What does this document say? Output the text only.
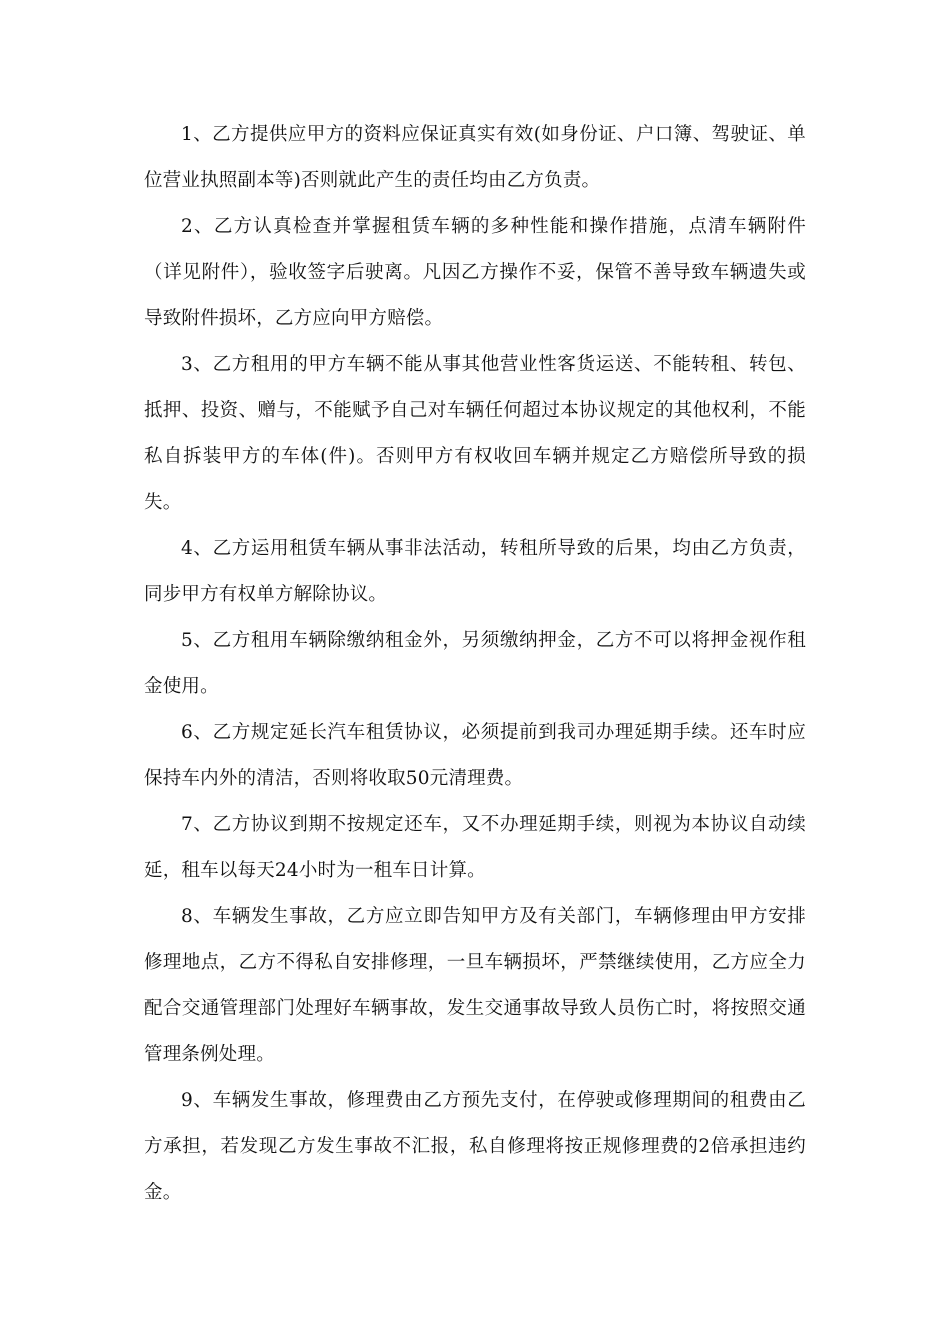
1、乙方提供应甲方的资料应保证真实有效(如身份证、户口簿、驾驶证、单位营业执照副本等)否则就此产生的责任均由乙方负责。

2、乙方认真检查并掌握租赁车辆的多种性能和操作措施，点清车辆附件（详见附件），验收签字后驶离。凡因乙方操作不妥，保管不善导致车辆遗失或导致附件损坏，乙方应向甲方赔偿。

3、乙方租用的甲方车辆不能从事其他营业性客货运送、不能转租、转包、抵押、投资、赠与，不能赋予自己对车辆任何超过本协议规定的其他权利，不能私自拆装甲方的车体(件)。否则甲方有权收回车辆并规定乙方赔偿所导致的损失。

4、乙方运用租赁车辆从事非法活动，转租所导致的后果，均由乙方负责，同步甲方有权单方解除协议。

5、乙方租用车辆除缴纳租金外，另须缴纳押金，乙方不可以将押金视作租金使用。

6、乙方规定延长汽车租赁协议，必须提前到我司办理延期手续。还车时应保持车内外的清洁，否则将收取50元清理费。

7、乙方协议到期不按规定还车，又不办理延期手续，则视为本协议自动续延，租车以每天24小时为一租车日计算。

8、车辆发生事故，乙方应立即告知甲方及有关部门，车辆修理由甲方安排修理地点，乙方不得私自安排修理，一旦车辆损坏，严禁继续使用，乙方应全力配合交通管理部门处理好车辆事故，发生交通事故导致人员伤亡时，将按照交通管理条例处理。

9、车辆发生事故，修理费由乙方预先支付，在停驶或修理期间的租费由乙方承担，若发现乙方发生事故不汇报，私自修理将按正规修理费的2倍承担违约金。
